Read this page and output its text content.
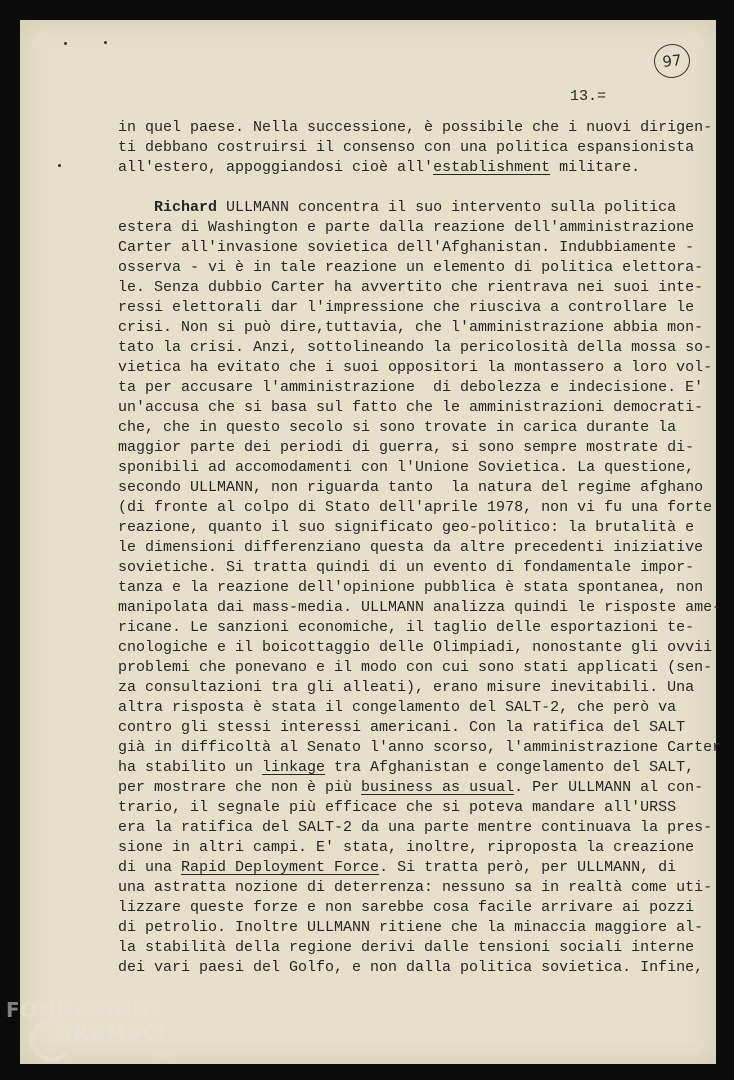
97
13.=
in quel paese. Nella successione, è possibile che i nuovi dirigen-
ti debbano costruirsi il consenso con una politica espansionista
all'estero, appoggiandosi cioè all'establishment militare.
Richard ULLMANN concentra il suo intervento sulla politica
estera di Washington e parte dalla reazione dell'amministrazione
Carter all'invasione sovietica dell'Afghanistan. Indubbiamente -
osserva - vi è in tale reazione un elemento di politica elettora-
le. Senza dubbio Carter ha avvertito che rientrava nei suoi inte-
ressi elettorali dar l'impressione che riusciva a controllare le
crisi. Non si può dire,tuttavia, che l'amministrazione abbia mon-
tato la crisi. Anzi, sottolineando la pericolosità della mossa so-
vietica ha evitato che i suoi oppositori la montassero a loro vol-
ta per accusare l'amministrazione  di debolezza e indecisione. E'
un'accusa che si basa sul fatto che le amministrazioni democrati-
che, che in questo secolo si sono trovate in carica durante la
maggior parte dei periodi di guerra, si sono sempre mostrate di-
sponibili ad accomodamenti con l'Unione Sovietica. La questione,
secondo ULLMANN, non riguarda tanto  la natura del regime afghano
(di fronte al colpo di Stato dell'aprile 1978, non vi fu una forte
reazione, quanto il suo significato geo-politico: la brutalità e
le dimensioni differenziano questa da altre precedenti iniziative
sovietiche. Si tratta quindi di un evento di fondamentale impor-
tanza e la reazione dell'opinione pubblica è stata spontanea, non
manipolata dai mass-media. ULLMANN analizza quindi le risposte ame-
ricane. Le sanzioni economiche, il taglio delle esportazioni te-
cnologiche e il boicottaggio delle Olimpiadi, nonostante gli ovvii
problemi che ponevano e il modo con cui sono stati applicati (sen-
za consultazioni tra gli alleati), erano misure inevitabili. Una
altra risposta è stata il congelamento del SALT-2, che però va
contro gli stessi interessi americani. Con la ratifica del SALT
già in difficoltà al Senato l'anno scorso, l'amministrazione Carter
ha stabilito un linkage tra Afghanistan e congelamento del SALT,
per mostrare che non è più business as usual. Per ULLMANN al con-
trario, il segnale più efficace che si poteva mandare all'URSS
era la ratifica del SALT-2 da una parte mentre continuava la pres-
sione in altri campi. E' stata, inoltre, riproposta la creazione
di una Rapid Deployment Force. Si tratta però, per ULLMANN, di
una astratta nozione di deterrenza: nessuno sa in realtà come uti-
lizzare queste forze e non sarebbe cosa facile arrivare ai pozzi
di petrolio. Inoltre ULLMANN ritiene che la minaccia maggiore al-
la stabilità della regione derivi dalle tensioni sociali interne
dei vari paesi del Golfo, e non dalla politica sovietica. Infine,
FONDAZIONE
GRAMSCI
onlus
